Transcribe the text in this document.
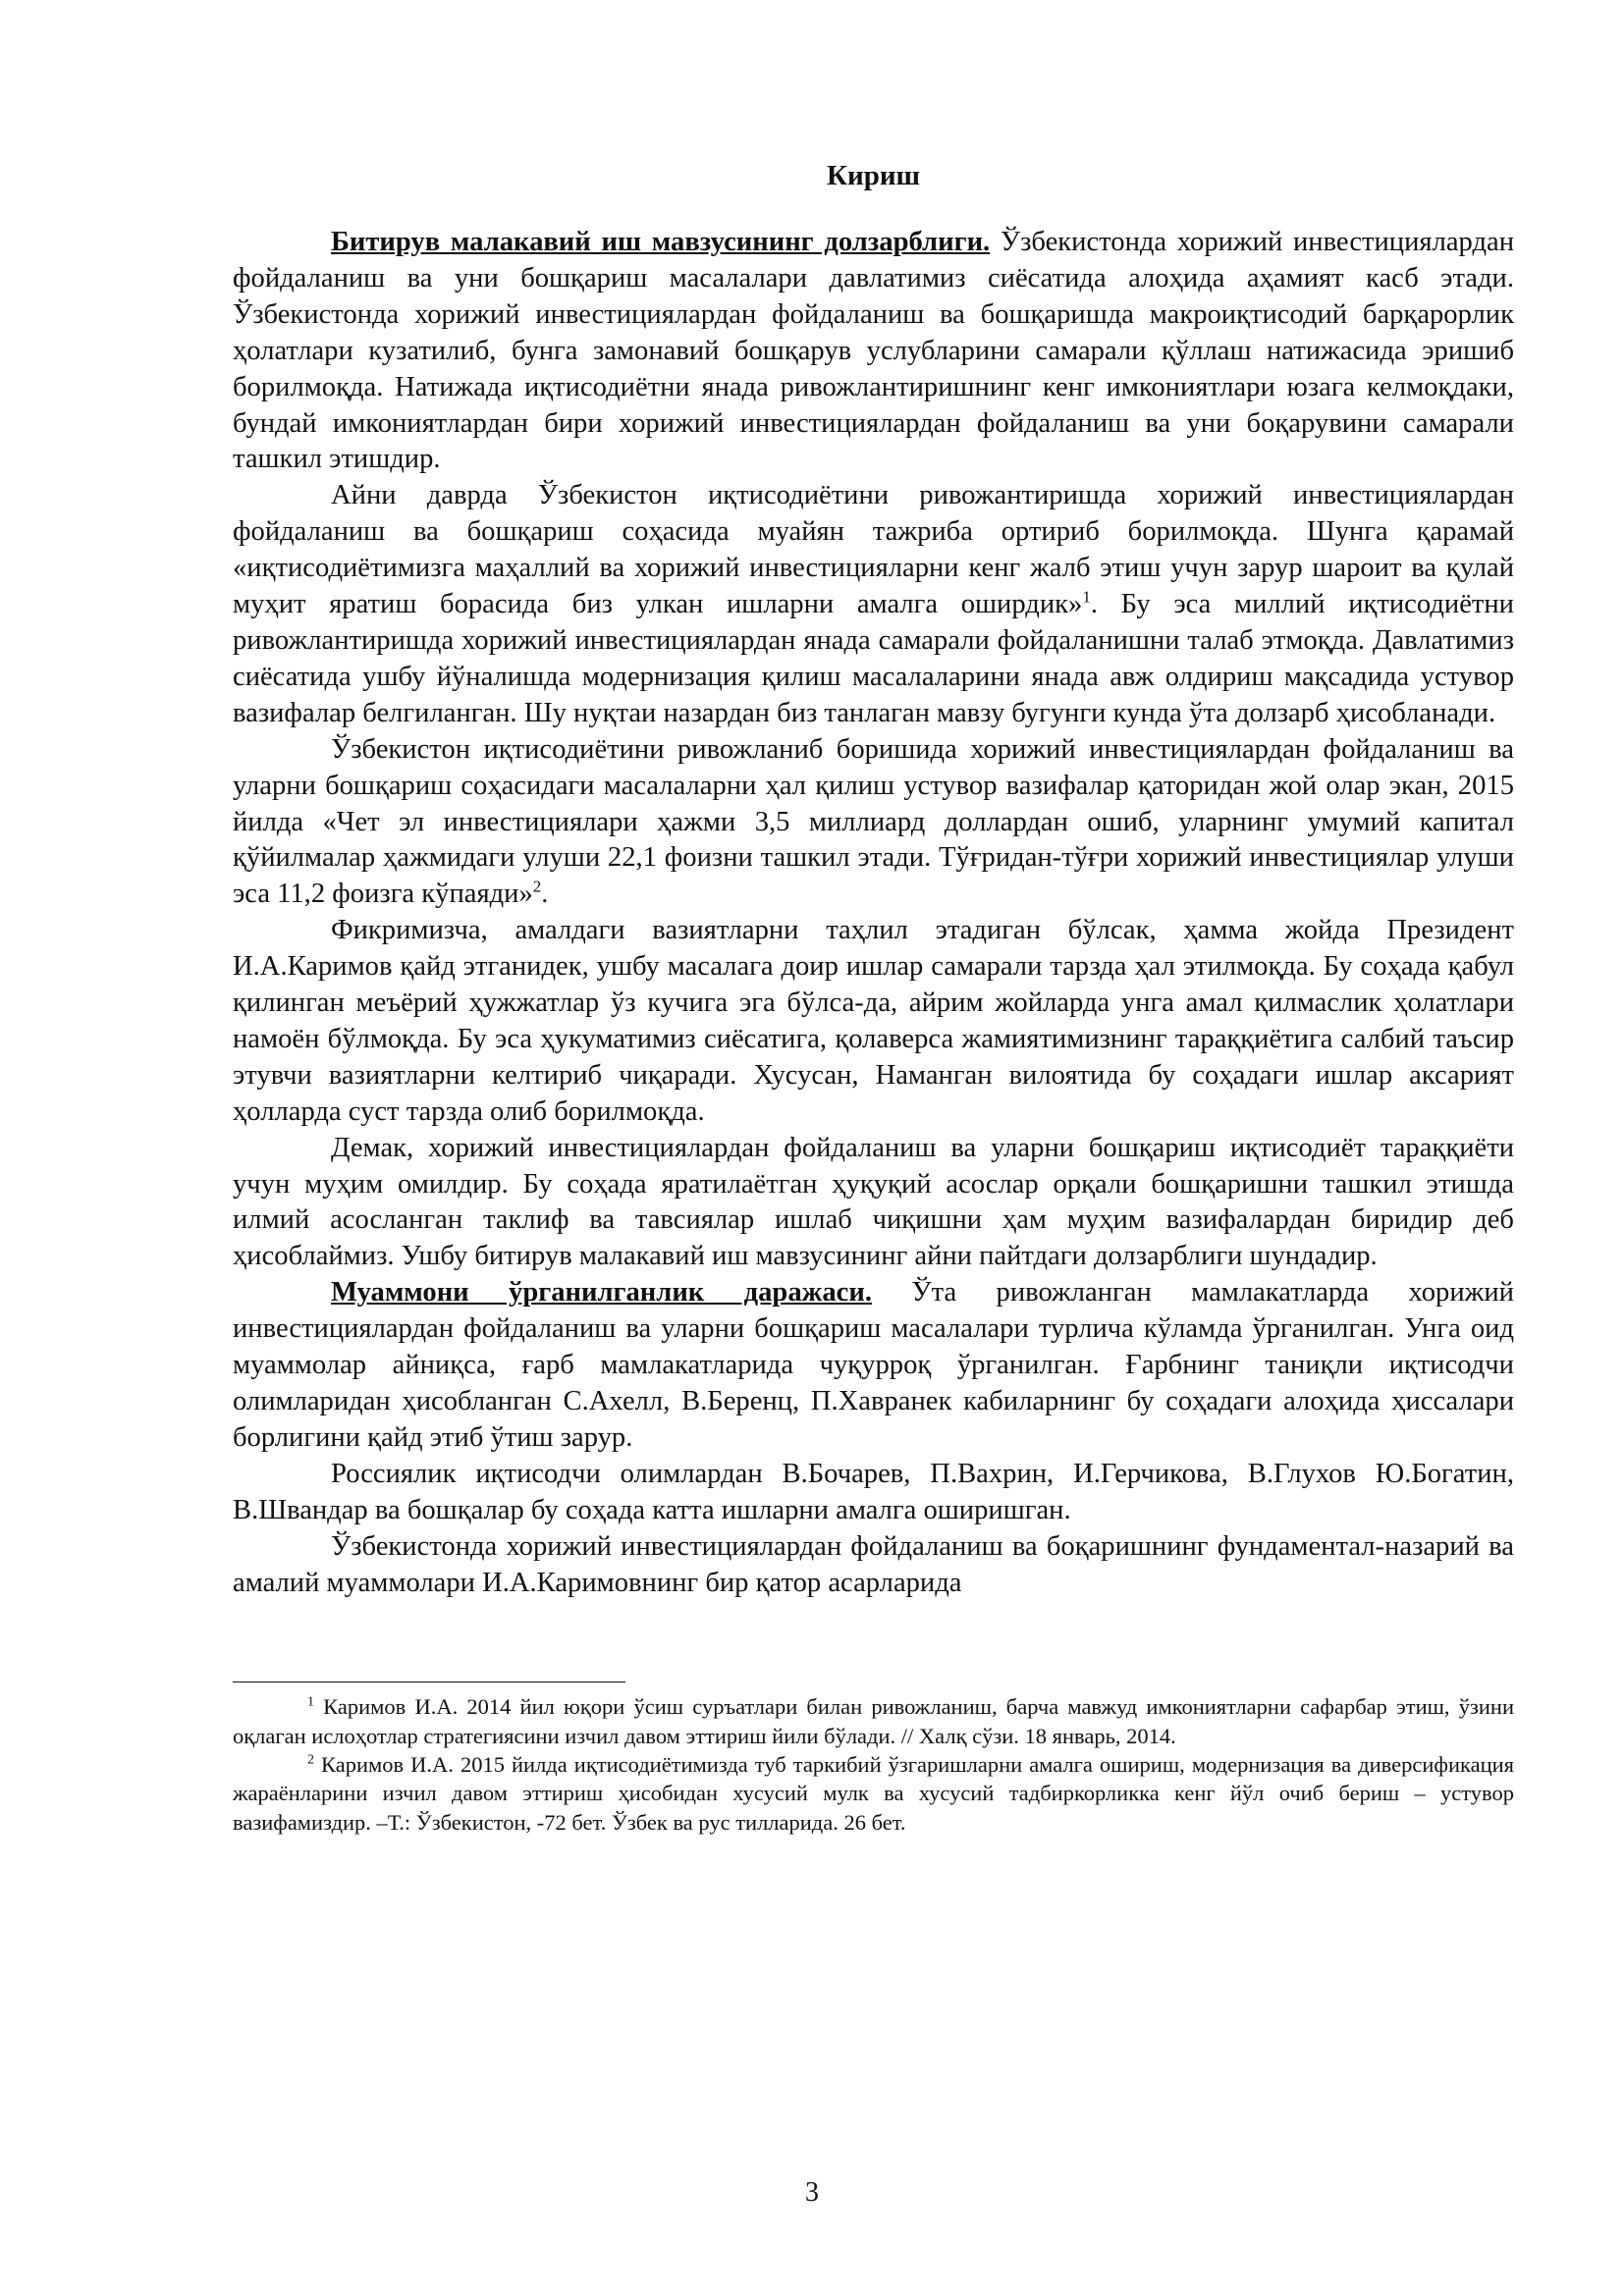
Кириш

Битирув малакавий иш мавзусининг долзарблиги. Ўзбекистонда хорижий инвестициялардан фойдаланиш ва уни бошқариш масалалари давлатимиз сиёсатида алоҳида аҳамият касб этади. Ўзбекистонда хорижий инвестициялардан фойдаланиш ва бошқаришда макроиқтисодий барқарорлик ҳолатлари кузатилиб, бунга замонавий бошқарув услубларини самарали қўллаш натижасида эришиб борилмоқда. Натижада иқтисодиётни янада ривожлантиришнинг кенг имкониятлари юзага келмоқдаки, бундай имкониятлардан бири хорижий инвестициялардан фойдаланиш ва уни боқарувини самарали ташкил этишдир.

Айни даврда Ўзбекистон иқтисодиётини ривожантиришда хорижий инвестициялардан фойдаланиш ва бошқариш соҳасида муайян тажриба ортириб борилмоқда. Шунга қарамай «иқтисодиётимизга маҳаллий ва хорижий инвестицияларни кенг жалб этиш учун зарур шароит ва қулай муҳит яратиш борасида биз улкан ишларни амалга оширдик»$^1$. Бу эса миллий иқтисодиётни ривожлантиришда хорижий инвестициялардан янада самарали фойдаланишни талаб этмоқда. Давлатимиз сиёсатида ушбу йўналишда модернизация қилиш масалаларини янада авж олдириш мақсадида устувор вазифалар белгиланган. Шу нуқтаи назардан биз танлаган мавзу бугунги кунда ўта долзарб ҳисобланади.

Ўзбекистон иқтисодиётини ривожланиб боришида хорижий инвестициялардан фойдаланиш ва уларни бошқариш соҳасидаги масалаларни ҳал қилиш устувор вазифалар қаторидан жой олар экан, 2015 йилда «Чет эл инвестициялари ҳажми 3,5 миллиард доллардан ошиб, уларнинг умумий капитал қўйилмалар ҳажмидаги улуши 22,1 фоизни ташкил этади. Тўғридан-тўғри хорижий инвестициялар улуши эса 11,2 фоизга кўпаяди»$^2$.

Фикримизча, амалдаги вазиятларни таҳлил этадиган бўлсак, ҳамма жойда Президент И.А.Каримов қайд этганидек, ушбу масалага доир ишлар самарали тарзда ҳал этилмоқда. Бу соҳада қабул қилинган меъёрий ҳужжатлар ўз кучига эга бўлса-да, айрим жойларда унга амал қилмаслик ҳолатлари намоён бўлмоқда. Бу эса ҳукуматимиз сиёсатига, қолаверса жамиятимизнинг тараққиётига салбий таъсир этувчи вазиятларни келтириб чиқаради. Хусусан, Наманган вилоятида бу соҳадаги ишлар аксарият ҳолларда суст тарзда олиб борилмоқда.

Демак, хорижий инвестициялардан фойдаланиш ва уларни бошқариш иқтисодиёт тараққиёти учун муҳим омилдир. Бу соҳада яратилаётган ҳуқуқий асослар орқали бошқаришни ташкил этишда илмий асосланган таклиф ва тавсиялар ишлаб чиқишни ҳам муҳим вазифалардан биридир деб ҳисоблаймиз. Ушбу битирув малакавий иш мавзусининг айни пайтдаги долзарблиги шундадир.

Муаммони ўрганилганлик даражаси. Ўта ривожланган мамлакатларда хорижий инвестициялардан фойдаланиш ва уларни бошқариш масалалари турлича кўламда ўрганилган. Унга оид муаммолар айниқса, ғарб мамлакатларида чуқурроқ ўрганилган. Ғарбнинг таниқли иқтисодчи олимларидан ҳисобланган С.Ахелл, В.Беренц, П.Хавранек кабиларнинг бу соҳадаги алоҳида ҳиссалари борлигини қайд этиб ўтиш зарур.

Россиялик иқтисодчи олимлардан В.Бочарев, П.Вахрин, И.Герчикова, В.Глухов Ю.Богатин, В.Швандар ва бошқалар бу соҳада катта ишларни амалга оширишган.

Ўзбекистонда хорижий инвестициялардан фойдаланиш ва боқаришнинг фундаментал-назарий ва амалий муаммолари И.А.Каримовнинг бир қатор асарларида

$^1$ Каримов И.А. 2014 йил юқори ўсиш суръатлари билан ривожланиш, барча мавжуд имкониятларни сафарбар этиш, ўзини оқлаган ислоҳотлар стратегиясини изчил давом эттириш йили бўлади. // Халқ сўзи. 18 январь, 2014.

$^2$ Каримов И.А. 2015 йилда иқтисодиётимизда туб таркибий ўзгаришларни амалга ошириш, модернизация ва диверсификация жараёнларини изчил давом эттириш ҳисобидан хусусий мулк ва хусусий тадбиркорликка кенг йўл очиб бериш – устувор вазифамиздир. –Т.: Ўзбекистон, -72 бет. Ўзбек ва рус тилларида. 26 бет.

3
